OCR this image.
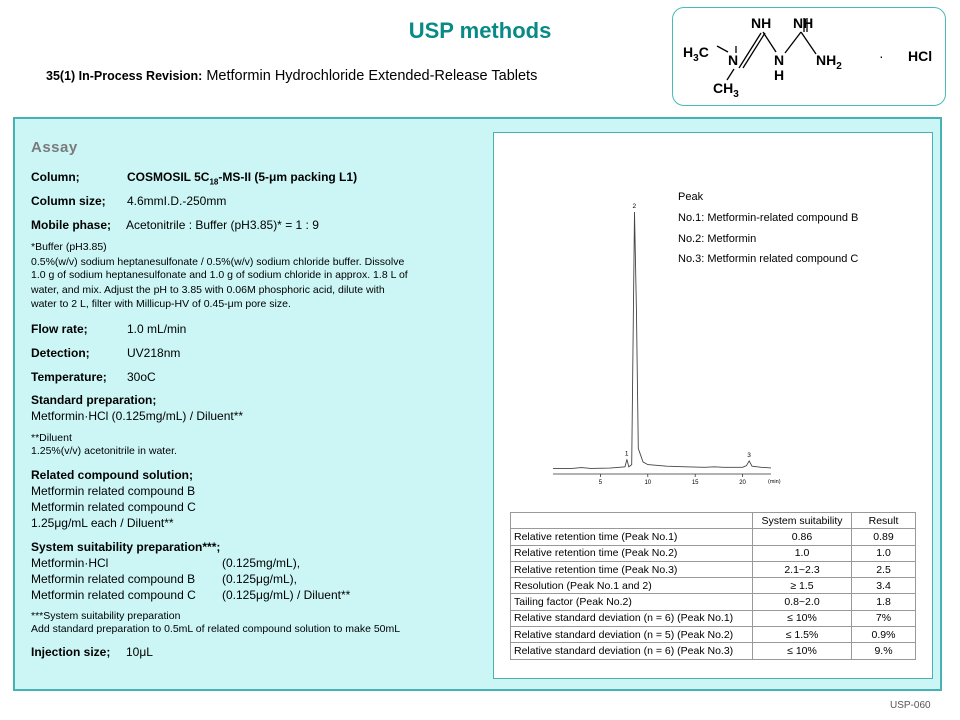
USP methods
35(1) In-Process Revision: Metformin Hydrochloride Extended-Release Tablets
NH NH
$H_3C$ N	N
H
$NH_2$
$CH_3$
· HCl
Assay
Column;	COSMOSIL $5C_{18}-MS-II$ (5-μm packing L1)
Column size; 4.6mmI.D.-250mm
Mobile phase; Acetonitrile : Buffer (pH3.85)* = 1 : 9
*Buffer (pH3.85)
0.5%(w/v) sodium heptanesulfonate / 0.5%(w/v) sodium chloride buffer. Dissolve
1.0 g of sodium heptanesulfonate and 1.0 g of sodium chloride in approx. 1.8 L of
water, and mix. Adjust the pH to 3.85 with 0.06M phosphoric acid, dilute with
water to 2 L, filter with Millicup-HV of 0.45-μm pore size.
Flow rate;	1.0 mL/min
Detection;	UV218nm
Temperature; 30oC
Standard preparation;
Metformin·HCl (0.125mg/mL) / Diluent**
**Diluent
1.25%(v/v) acetonitrile in water.
Related compound solution;
Metformin related compound B
Metformin related compound C
1.25μg/mL each / Diluent**
System suitability preparation***;
Metformin·HCl	(0.125mg/mL),
Metformin related compound B (0.125μg/mL),
Metformin related compound C (0.125μg/mL) / Diluent**
***System suitability preparation
Add standard preparation to 0.5mL of related compound solution to make 50mL
Injection size; 10μL
Peak
No.1: Metformin-related compound B
No.2: Metformin
No.3: Metformin related compound C
5	10	15	20	(min)
1
2
3
	System suitability	Result
Relative retention time (Peak No.1)	0.86	0.89
Relative retention time (Peak No.2)	1.0	1.0
Relative retention time (Peak No.3)	2.1~2.3	2.5
Resolution (Peak No.1 and 2)	≥ 1.5	3.4
Tailing factor (Peak No.2)	0.8~2.0	1.8
Relative standard deviation (n = 6) (Peak No.1)	≤ 10%	7%
Relative standard deviation (n = 5) (Peak No.2)	≤ 1.5%	0.9%
Relative standard deviation (n = 6) (Peak No.3)	≤ 10%	9.%
USP-060
